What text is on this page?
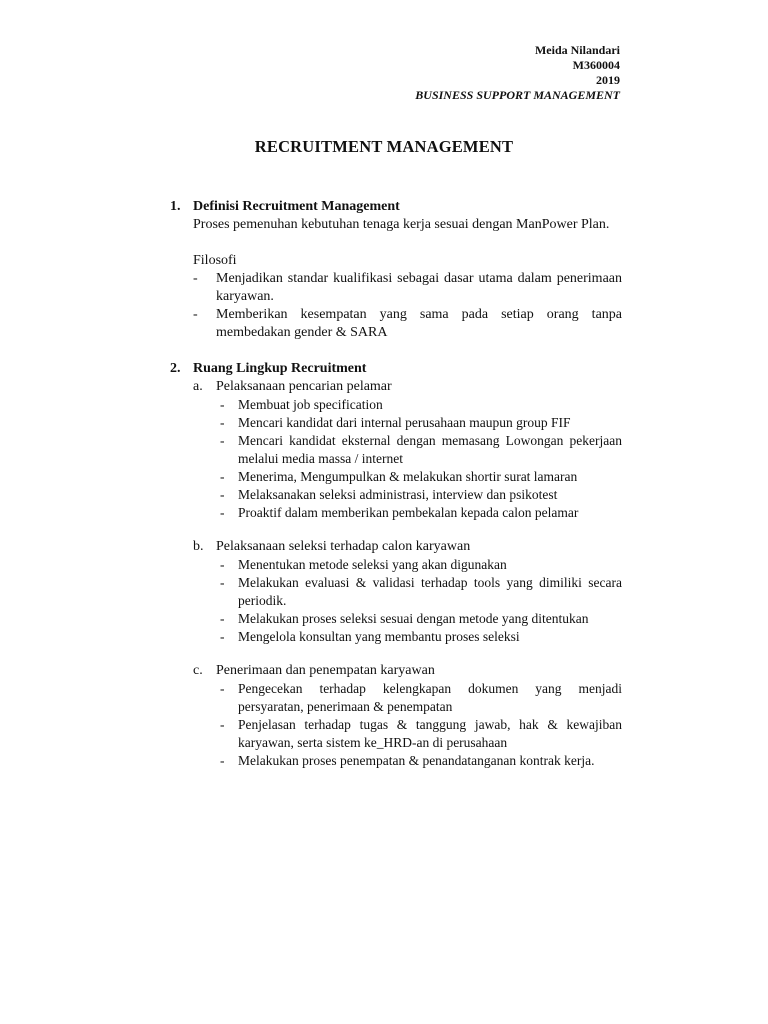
Meida Nilandari
M360004
2019
BUSINESS SUPPORT MANAGEMENT
RECRUITMENT MANAGEMENT
1. Definisi Recruitment Management
Proses pemenuhan kebutuhan tenaga kerja sesuai dengan ManPower Plan.
Filosofi
- Menjadikan standar kualifikasi sebagai dasar utama dalam penerimaan karyawan.
- Memberikan kesempatan yang sama pada setiap orang tanpa membedakan gender & SARA
2. Ruang Lingkup Recruitment
a. Pelaksanaan pencarian pelamar
- Membuat job specification
- Mencari kandidat dari internal perusahaan maupun group FIF
- Mencari kandidat eksternal dengan memasang Lowongan pekerjaan melalui media massa / internet
- Menerima, Mengumpulkan & melakukan shortir surat lamaran
- Melaksanakan seleksi administrasi, interview dan psikotest
- Proaktif dalam memberikan pembekalan kepada calon pelamar
b. Pelaksanaan seleksi terhadap calon karyawan
- Menentukan metode seleksi yang akan digunakan
- Melakukan evaluasi & validasi terhadap tools yang dimiliki secara periodik.
- Melakukan proses seleksi sesuai dengan metode yang ditentukan
- Mengelola konsultan yang membantu proses seleksi
c. Penerimaan dan penempatan karyawan
- Pengecekan terhadap kelengkapan dokumen yang menjadi persyaratan, penerimaan & penempatan
- Penjelasan terhadap tugas & tanggung jawab, hak & kewajiban karyawan, serta sistem ke_HRD-an di perusahaan
- Melakukan proses penempatan & penandatanganan kontrak kerja.
